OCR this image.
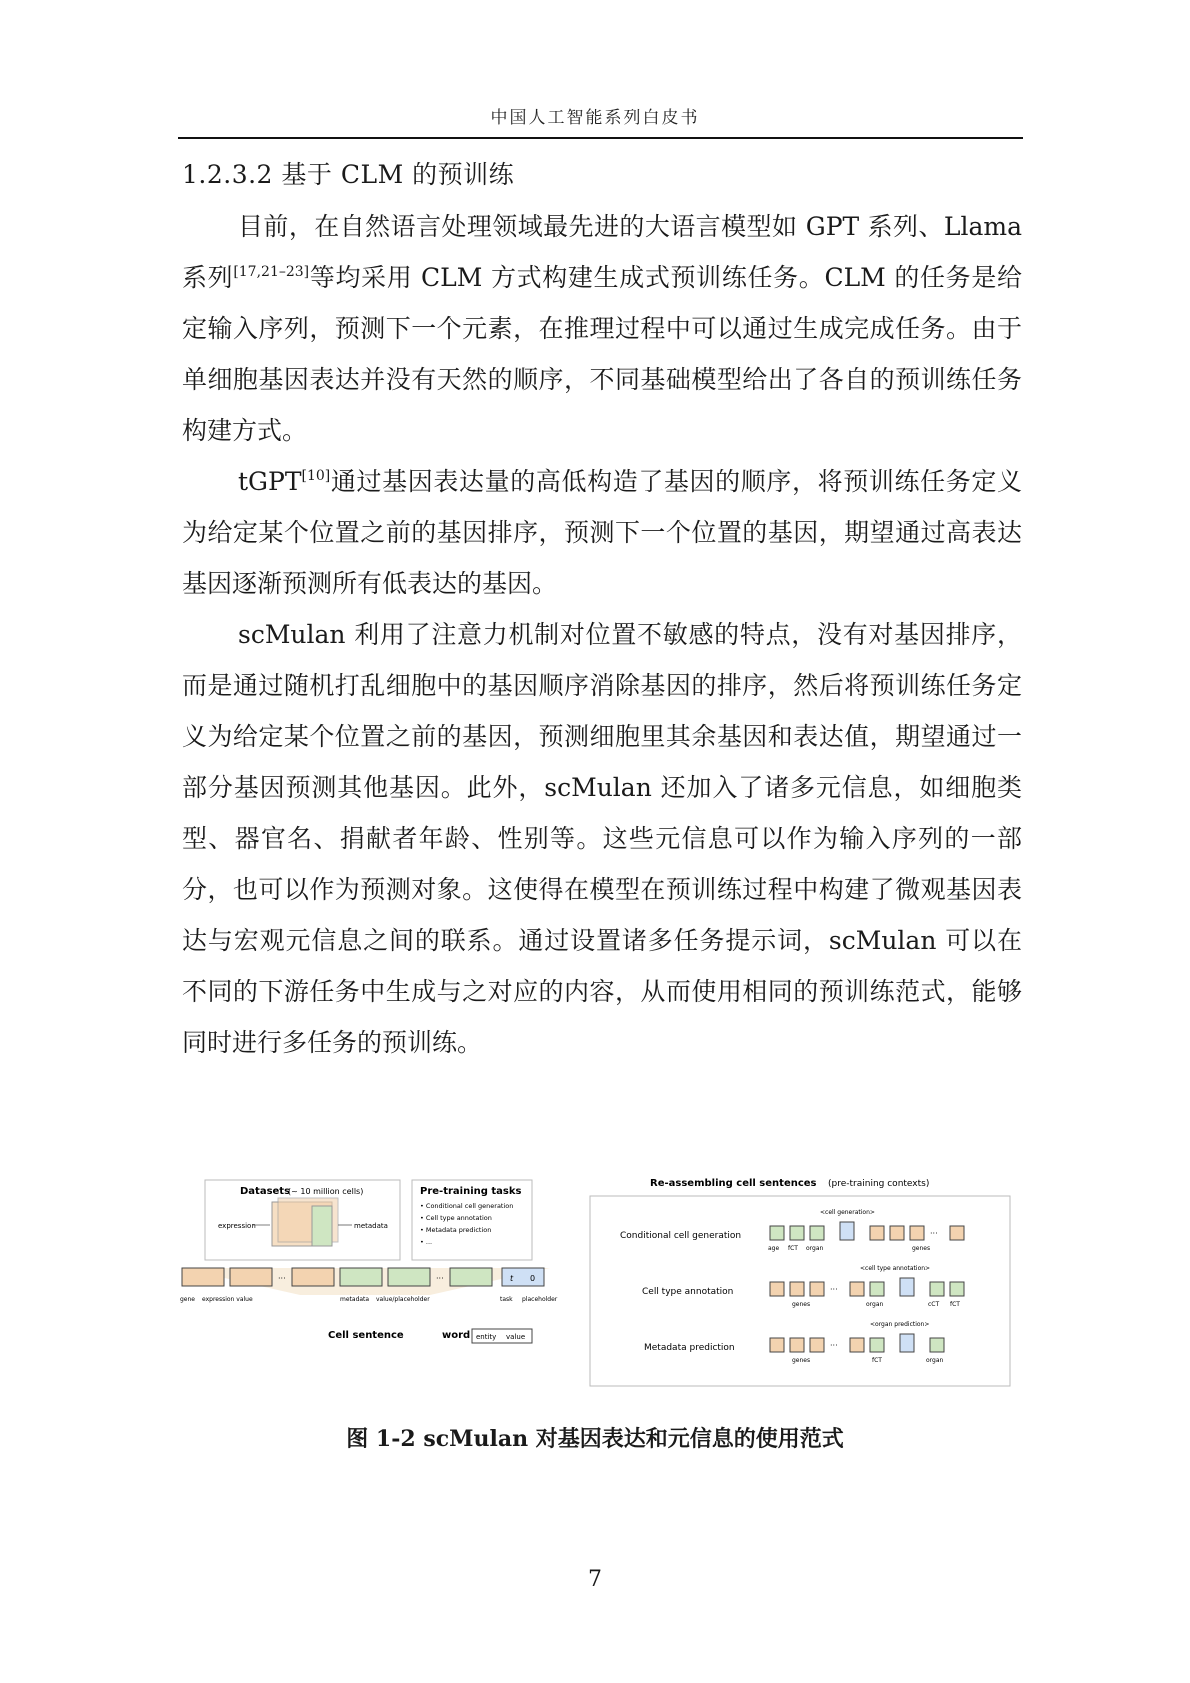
中国人工智能系列白皮书
1.2.3.2 基于 CLM 的预训练

目前，在自然语言处理领域最先进的大语言模型如 GPT 系列、Llama 系列[17,21–23]等均采用 CLM 方式构建生成式预训练任务。CLM 的任务是给定输入序列，预测下一个元素，在推理过程中可以通过生成完成任务。由于单细胞基因表达并没有天然的顺序，不同基础模型给出了各自的预训练任务构建方式。

tGPT[10]通过基因表达量的高低构造了基因的顺序，将预训练任务定义为给定某个位置之前的基因排序，预测下一个位置的基因，期望通过高表达基因逐渐预测所有低表达的基因。

scMulan 利用了注意力机制对位置不敏感的特点，没有对基因排序，而是通过随机打乱细胞中的基因顺序消除基因的排序，然后将预训练任务定义为给定某个位置之前的基因，预测细胞里其余基因和表达值，期望通过一部分基因预测其他基因。此外，scMulan 还加入了诸多元信息，如细胞类型、器官名、捐献者年龄、性别等。这些元信息可以作为输入序列的一部分，也可以作为预测对象。这使得在模型在预训练过程中构建了微观基因表达与宏观元信息之间的联系。通过设置诸多任务提示词，scMulan 可以在不同的下游任务中生成与之对应的内容，从而使用相同的预训练范式，能够同时进行多任务的预训练。

Datasets
(~ 10 million cells)
expression	metadata
Pre-training tasks
• Conditional cell generation
• Cell type annotation
• Metadata prediction
• ...
···	···	t 0
gene expression value	metadata value/placeholder	task placeholder
Cell sentence	word entity value
Re-assembling cell sentences (pre-training contexts)
Conditional cell generation
<cell generation>
···
age fCT organ	genes
Cell type annotation
<cell type annotation>
···
genes	organ	cCT fCT
Metadata prediction
<organ prediction>
···
genes	fCT	organ
图 1-2 scMulan 对基因表达和元信息的使用范式
7
